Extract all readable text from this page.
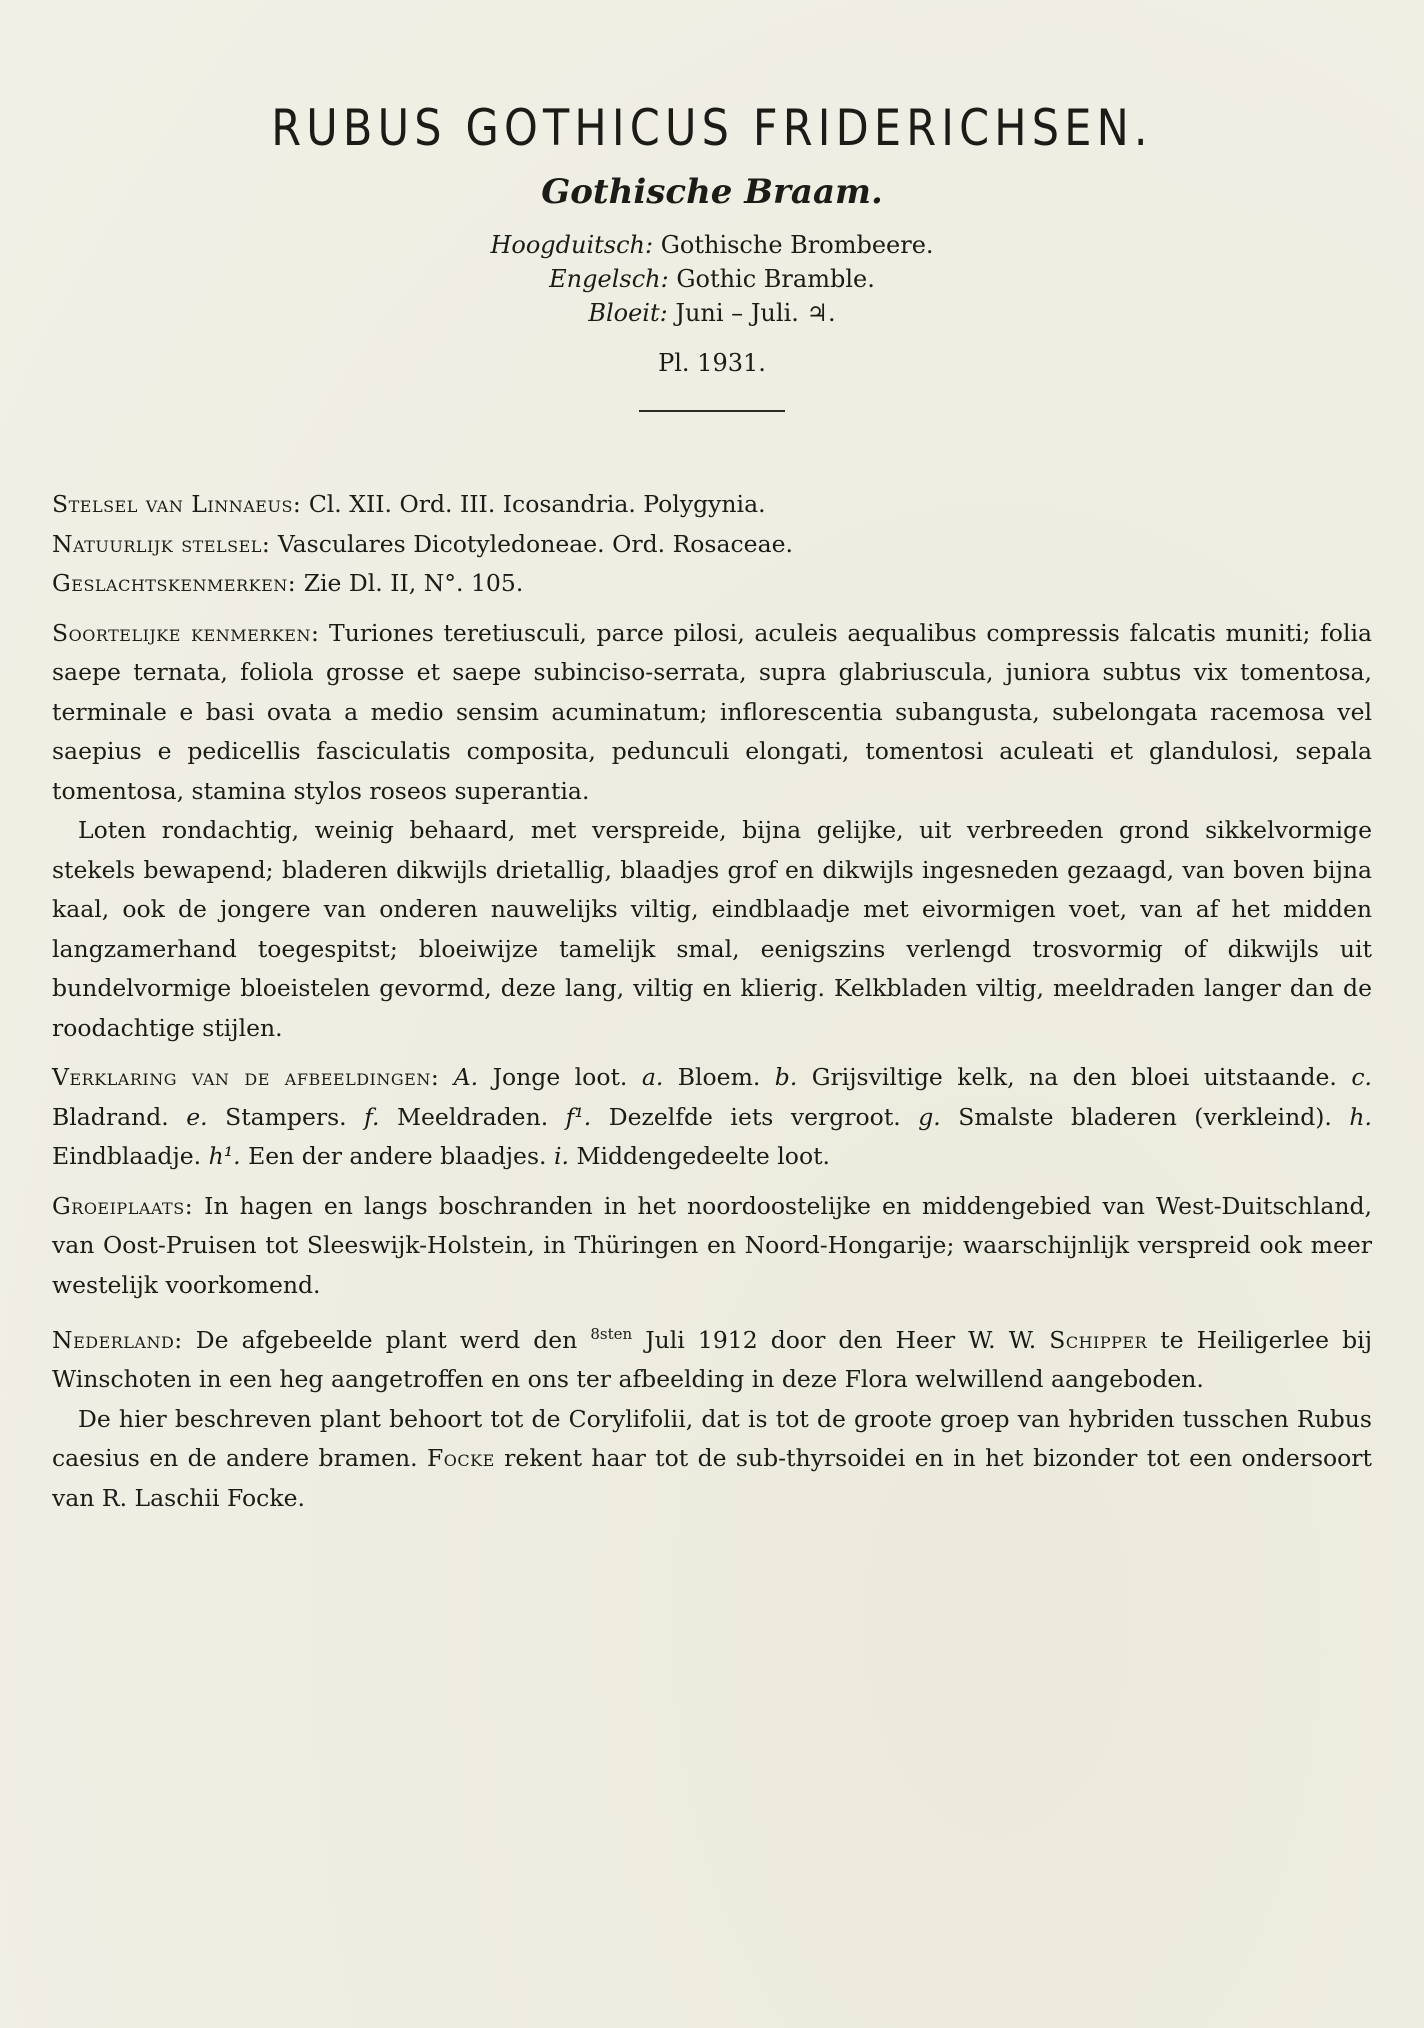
RUBUS GOTHICUS FRIDERICHSEN.
Gothische Braam.
Hoogduitsch: Gothische Brombeere.
Engelsch: Gothic Bramble.
Bloeit: Juni – Juli. ♃.
Pl. 1931.

Stelsel van Linnaeus: Cl. XII. Ord. III. Icosandria. Polygynia.

Natuurlijk stelsel: Vasculares Dicotyledoneae. Ord. Rosaceae.

Geslachtskenmerken: Zie Dl. II, N°. 105.

Soortelijke kenmerken: Turiones teretiusculi, parce pilosi, aculeis aequalibus compressis falcatis muniti; folia saepe ternata, foliola grosse et saepe subinciso-serrata, supra glabriuscula, juniora subtus vix tomentosa, terminale e basi ovata a medio sensim acuminatum; inflorescentia subangusta, subelongata racemosa vel saepius e pedicellis fasciculatis composita, pedunculi elongati, tomentosi aculeati et glandulosi, sepala tomentosa, stamina stylos roseos superantia.

Loten rondachtig, weinig behaard, met verspreide, bijna gelijke, uit verbreeden grond sikkelvormige stekels bewapend; bladeren dikwijls drietallig, blaadjes grof en dikwijls ingesneden gezaagd, van boven bijna kaal, ook de jongere van onderen nauwelijks viltig, eindblaadje met eivormigen voet, van af het midden langzamerhand toegespitst; bloeiwijze tamelijk smal, eenigszins verlengd trosvormig of dikwijls uit bundelvormige bloeistelen gevormd, deze lang, viltig en klierig. Kelkbladen viltig, meeldraden langer dan de roodachtige stijlen.

Verklaring van de afbeeldingen: A. Jonge loot. a. Bloem. b. Grijsviltige kelk, na den bloei uitstaande. c. Bladrand. e. Stampers. f. Meeldraden. f¹. Dezelfde iets vergroot. g. Smalste bladeren (verkleind). h. Eindblaadje. h¹. Een der andere blaadjes. i. Middengedeelte loot.

Groeiplaats: In hagen en langs boschranden in het noordoostelijke en middengebied van West-Duitschland, van Oost-Pruisen tot Sleeswijk-Holstein, in Thüringen en Noord-Hongarije; waarschijnlijk verspreid ook meer westelijk voorkomend.

Nederland: De afgebeelde plant werd den $^{8sten}$ Juli 1912 door den Heer W. W. Schipper te Heiligerlee bij Winschoten in een heg aangetroffen en ons ter afbeelding in deze Flora welwillend aangeboden.

De hier beschreven plant behoort tot de Corylifolii, dat is tot de groote groep van hybriden tusschen Rubus caesius en de andere bramen. Focke rekent haar tot de sub-thyrsoidei en in het bizonder tot een ondersoort van R. Laschii Focke.
